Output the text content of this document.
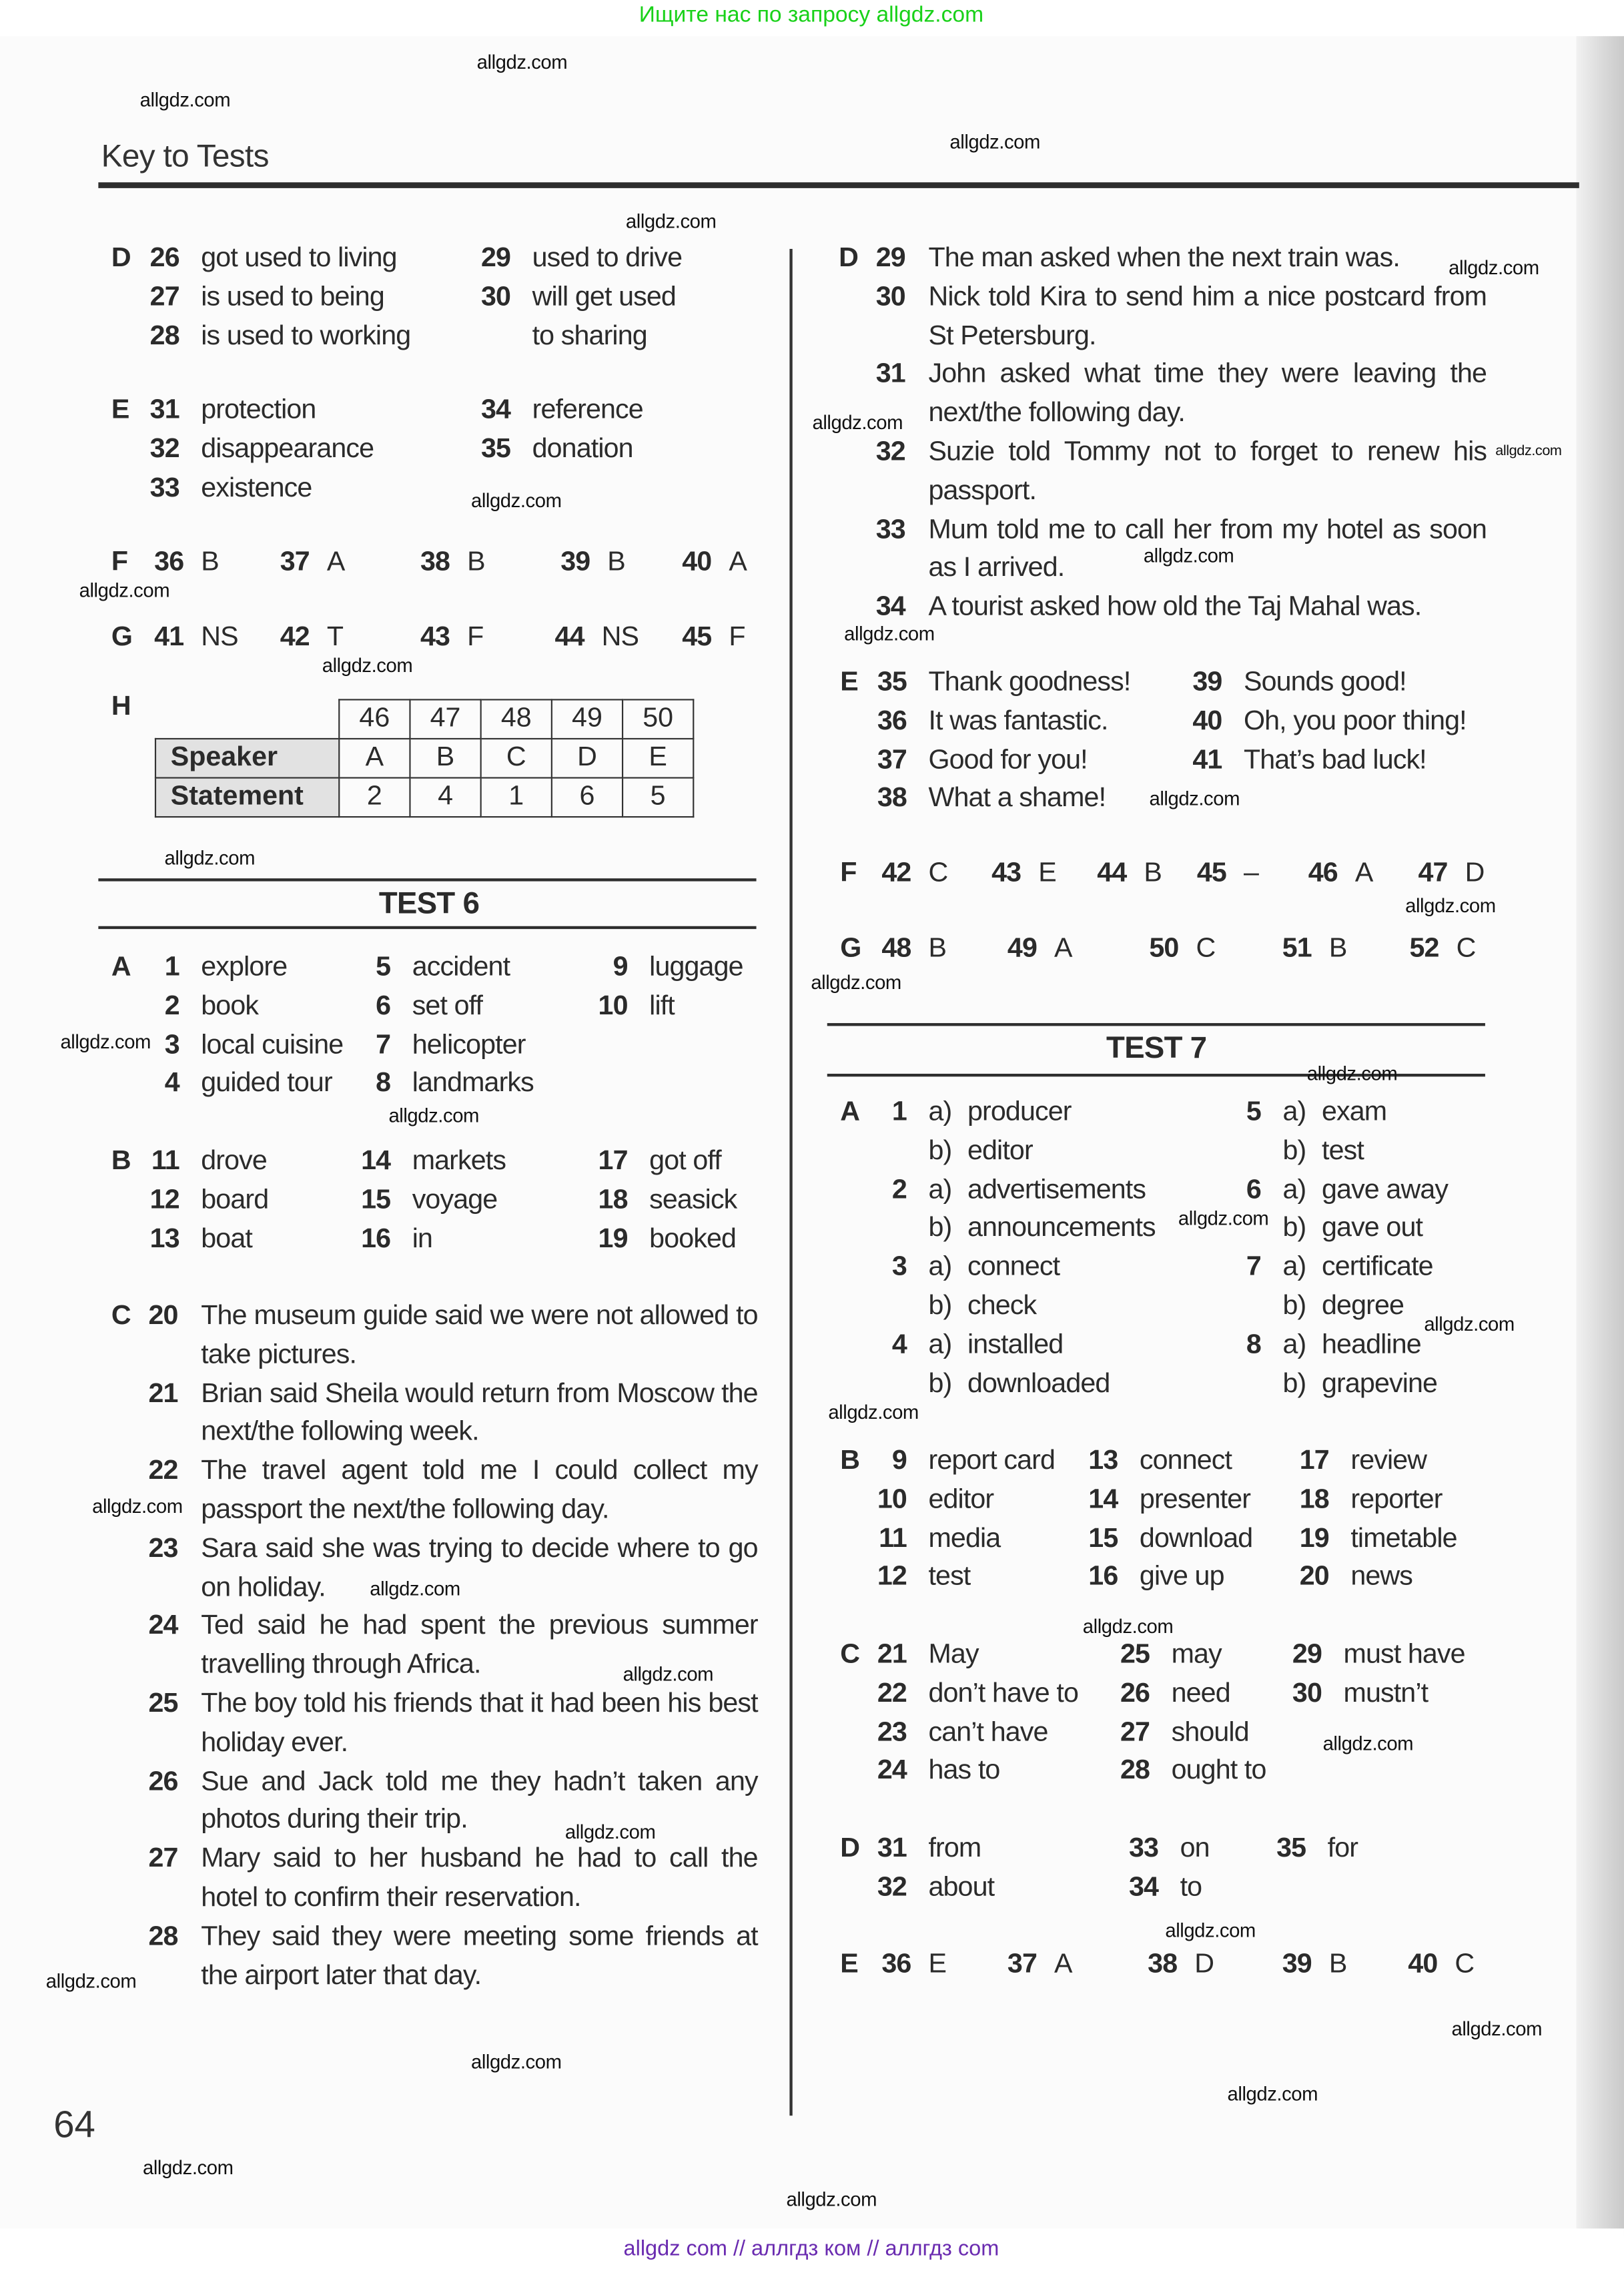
Ищите нас по запросу allgdz.com
Key to Tests
TEST 6
TEST 7
H
		46	47	48	49	50
Speaker	A	B	C	D	E
Statement	2	4	1	6	5
64
allgdz com // аллгдз ком // аллгдз com
D	26 got used to living	29 used to drive
27 is used to being	30 will get used
28 is used to working	to sharing
E	31 protection	34 reference
32 disappearance	35 donation
33 existence
F	36 B	37 A	38 B	39 B	40 A
G	41 NS	42 T	43 F	44 NS	45 F
A	1 explore	5 accident	9 luggage
2 book	6 set off	10 lift
3 local cuisine	7 helicopter
4 guided tour	8 landmarks
B	11 drove	14 markets	17 got off
12 board	15 voyage	18 seasick
13 boat	16 in	19 booked
C	20 The museum guide said we were not allowed to take pictures.
21 Brian said Sheila would return from Moscow the next/the following week.
22 The travel agent told me I could collect my passport the next/the following day.
23 Sara said she was trying to decide where to go on holiday.
24 Ted said he had spent the previous summer travelling through Africa.
25 The boy told his friends that it had been his best holiday ever.
26 Sue and Jack told me they hadn’t taken any photos during their trip.
27 Mary said to her husband he had to call the hotel to confirm their reservation.
28 They said they were meeting some friends at the airport later that day.
D	29 The man asked when the next train was.
30 Nick told Kira to send him a nice postcard from St Petersburg.
31 John asked what time they were leaving the next/the following day.
32 Suzie told Tommy not to forget to renew his passport.
33 Mum told me to call her from my hotel as soon as I arrived.
34 A tourist asked how old the Taj Mahal was.
E	35 Thank goodness!	39 Sounds good!
36 It was fantastic.	40 Oh, you poor thing!
37 Good for you!	41 That’s bad luck!
38 What a shame!
F	42 C	43 E	44 B	45 –	46 A	47 D
G	48 B	49 A	50 C	51 B	52 C
A	1 a) producer	5 a) exam
b) editor	b) test
2 a) advertisements	6 a) gave away
b) announcements	b) gave out
3 a) connect	7 a) certificate
b) check	b) degree
4 a) installed	8 a) headline
b) downloaded	b) grapevine
B	9 report card	13 connect	17 review
10 editor	14 presenter	18 reporter
11 media	15 download	19 timetable
12 test	16 give up	20 news
C	21 May	25 may	29 must have
22 don’t have to	26 need	30 mustn’t
23 can’t have	27 should
24 has to	28 ought to
D	31 from	33 on	35 for
32 about	34 to
E	36 E	37 A	38 D	39 B	40 C
allgdz.com
allgdz.com
allgdz.com
allgdz.com
allgdz.com
allgdz.com
allgdz.com
allgdz.com
allgdz.com
allgdz.com
allgdz.com
allgdz.com
allgdz.com
allgdz.com
allgdz.com
allgdz.com
allgdz.com
allgdz.com
allgdz.com
allgdz.com
allgdz.com
allgdz.com
allgdz.com
allgdz.com
allgdz.com
allgdz.com
allgdz.com
allgdz.com
allgdz.com
allgdz.com
allgdz.com
allgdz.com
allgdz.com
allgdz.com
allgdz.com
